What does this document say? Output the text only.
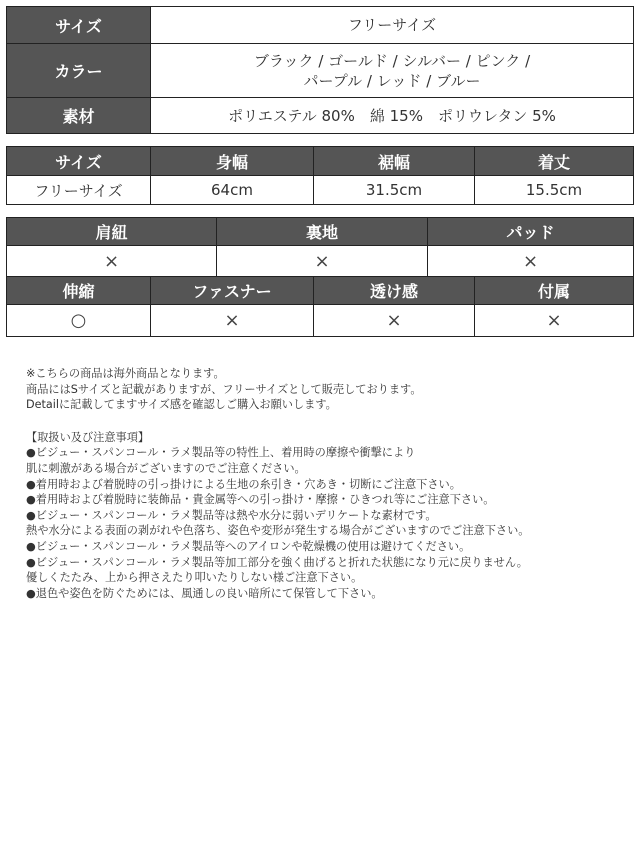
サイズ	フリーサイズ
カラー	ブラック / ゴールド / シルバー / ピンク /
パープル / レッド / ブルー

素材	ポリエステル 80%　綿 15%　ポリウレタン 5%
サイズ	身幅	裾幅	着丈
フリーサイズ	64cm	31.5cm	15.5cm
肩紐	裏地	パッド
×	×	×
伸縮	ファスナー	透け感	付属
○	×	×	×

※こちらの商品は海外商品となります。

商品にはSサイズと記載がありますが、フリーサイズとして販売しております。

Detailに記載してますサイズ感を確認しご購入お願いします。

【取扱い及び注意事項】

●ビジュー・スパンコール・ラメ製品等の特性上、着用時の摩擦や衝撃により

肌に刺激がある場合がございますのでご注意ください。

●着用時および着脱時の引っ掛けによる生地の糸引き・穴あき・切断にご注意下さい。

●着用時および着脱時に装飾品・貴金属等への引っ掛け・摩擦・ひきつれ等にご注意下さい。

●ビジュー・スパンコール・ラメ製品等は熱や水分に弱いデリケートな素材です。

熱や水分による表面の剥がれや色落ち、姿色や変形が発生する場合がございますのでご注意下さい。

●ビジュー・スパンコール・ラメ製品等へのアイロンや乾燥機の使用は避けてください。

●ビジュー・スパンコール・ラメ製品等加工部分を強く曲げると折れた状態になり元に戻りません。

優しくたたみ、上から押さえたり叩いたりしない様ご注意下さい。

●退色や姿色を防ぐためには、風通しの良い暗所にて保管して下さい。
